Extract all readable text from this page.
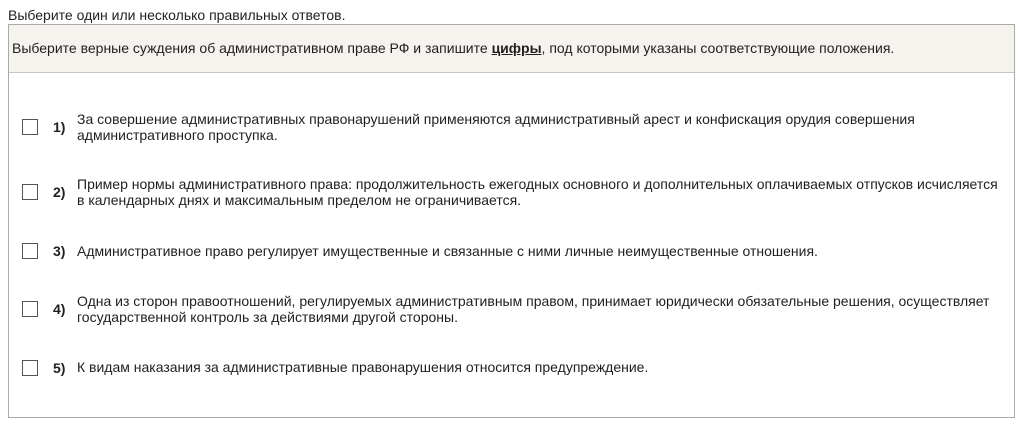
Выберите один или несколько правильных ответов.
Выберите верные суждения об административном праве РФ и запишите цифры, под которыми указаны соответствующие положения.
1) За совершение административных правонарушений применяются административный арест и конфискация орудия совершения административного проступка.
2) Пример нормы административного права: продолжительность ежегодных основного и дополнительных оплачиваемых отпусков исчисляется в календарных днях и максимальным пределом не ограничивается.
3) Административное право регулирует имущественные и связанные с ними личные неимущественные отношения.
4) Одна из сторон правоотношений, регулируемых административным правом, принимает юридически обязательные решения, осуществляет государственной контроль за действиями другой стороны.
5) К видам наказания за административные правонарушения относится предупреждение.
